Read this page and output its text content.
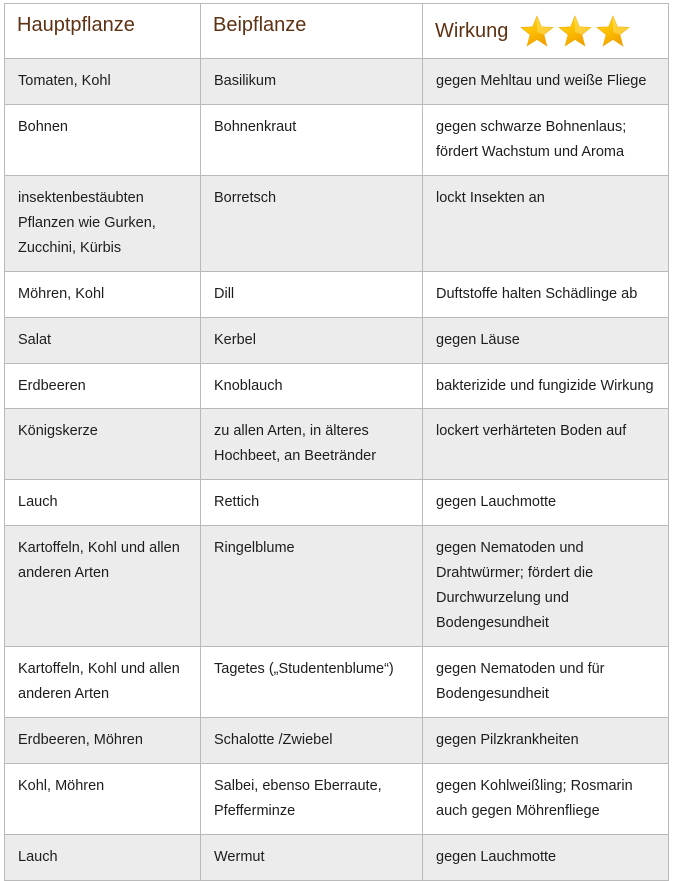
Hauptpflanze	Beipflanze	Wirkung

Tomaten, Kohl	Basilikum	gegen Mehltau und weiße Fliege
Bohnen	Bohnenkraut	gegen schwarze Bohnenlaus; fördert Wachstum und Aroma
insektenbestäubten Pflanzen wie Gurken, Zucchini, Kürbis	Borretsch	lockt Insekten an
Möhren, Kohl	Dill	Duftstoffe halten Schädlinge ab
Salat	Kerbel	gegen Läuse
Erdbeeren	Knoblauch	bakterizide und fungizide Wirkung
Königskerze	zu allen Arten, in älteres Hochbeet, an Beetränder	lockert verhärteten Boden auf
Lauch	Rettich	gegen Lauchmotte
Kartoffeln, Kohl und allen anderen Arten	Ringelblume	gegen Nematoden und Drahtwürmer; fördert die Durchwurzelung und Bodengesundheit
Kartoffeln, Kohl und allen anderen Arten	Tagetes („Studentenblume“)	gegen Nematoden und für Bodengesundheit
Erdbeeren, Möhren	Schalotte /Zwiebel	gegen Pilzkrankheiten
Kohl, Möhren	Salbei, ebenso Eberraute, Pfefferminze	gegen Kohlweißling; Rosmarin auch gegen Möhrenfliege
Lauch	Wermut	gegen Lauchmotte
